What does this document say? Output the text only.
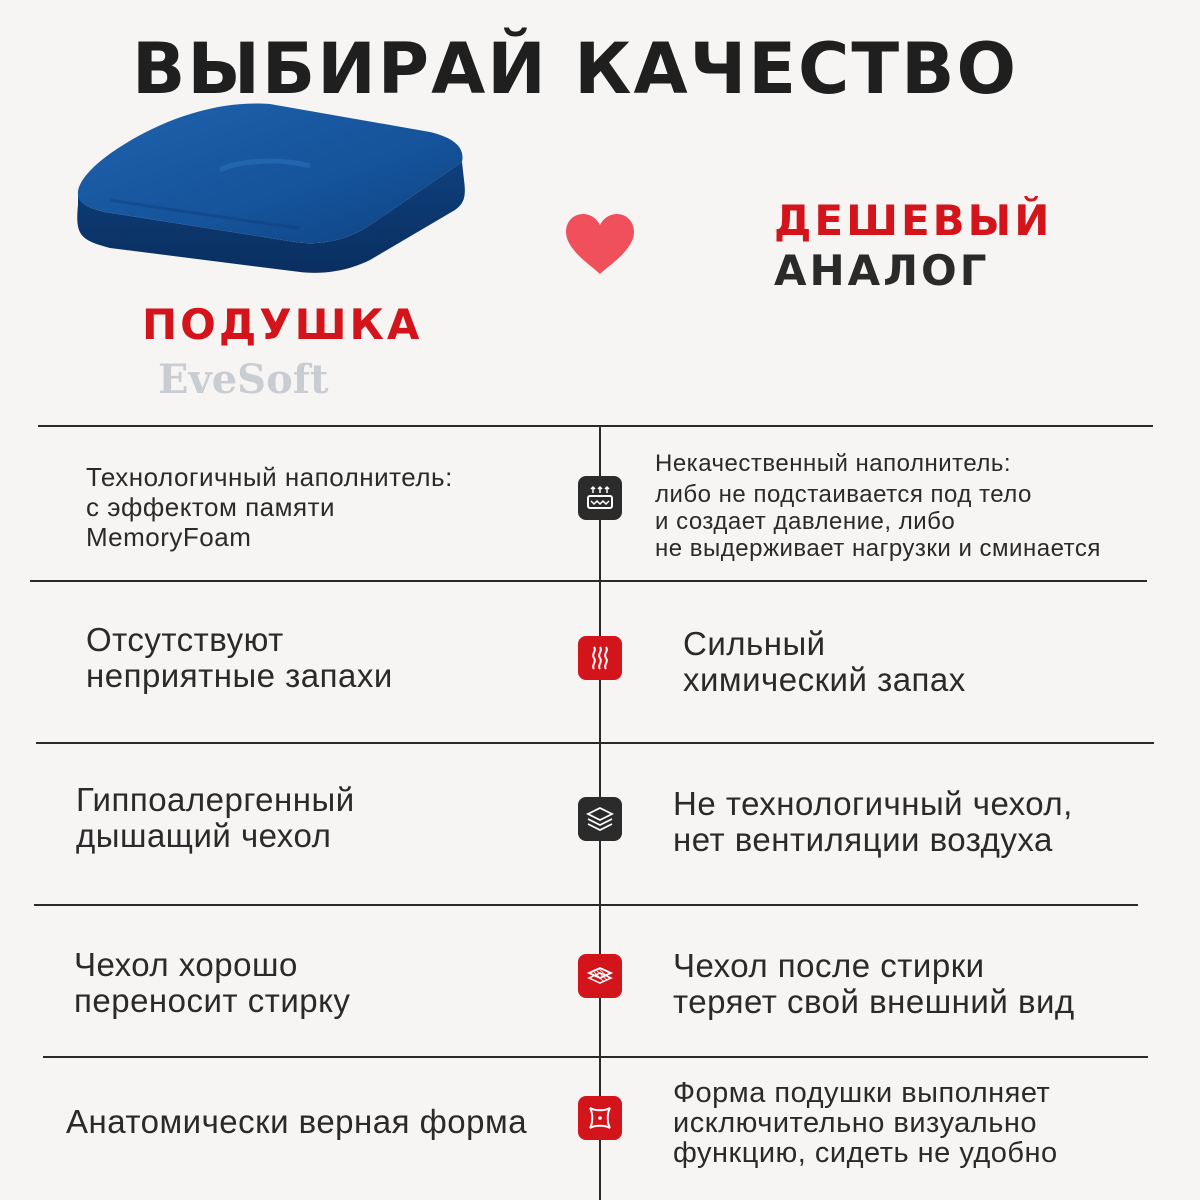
ВЫБИРАЙ КАЧЕСТВО
ПОДУШКА
EveSoft
ДЕШЕВЫЙ
АНАЛОГ
Технологичный наполнитель:
с эффектом памяти
MemoryFoam
Некачественный наполнитель:
либо не подстаивается под тело
и создает давление, либо
не выдерживает нагрузки и сминается
Отсутствуют
неприятные запахи
Сильный
химический запах
Гиппоалергенный
дышащий чехол
Не технологичный чехол,
нет вентиляции воздуха
Чехол хорошо
переносит стирку
Чехол после стирки
теряет свой внешний вид
Анатомически верная форма
Форма подушки выполняет
исключительно визуально
функцию, сидеть не удобно
